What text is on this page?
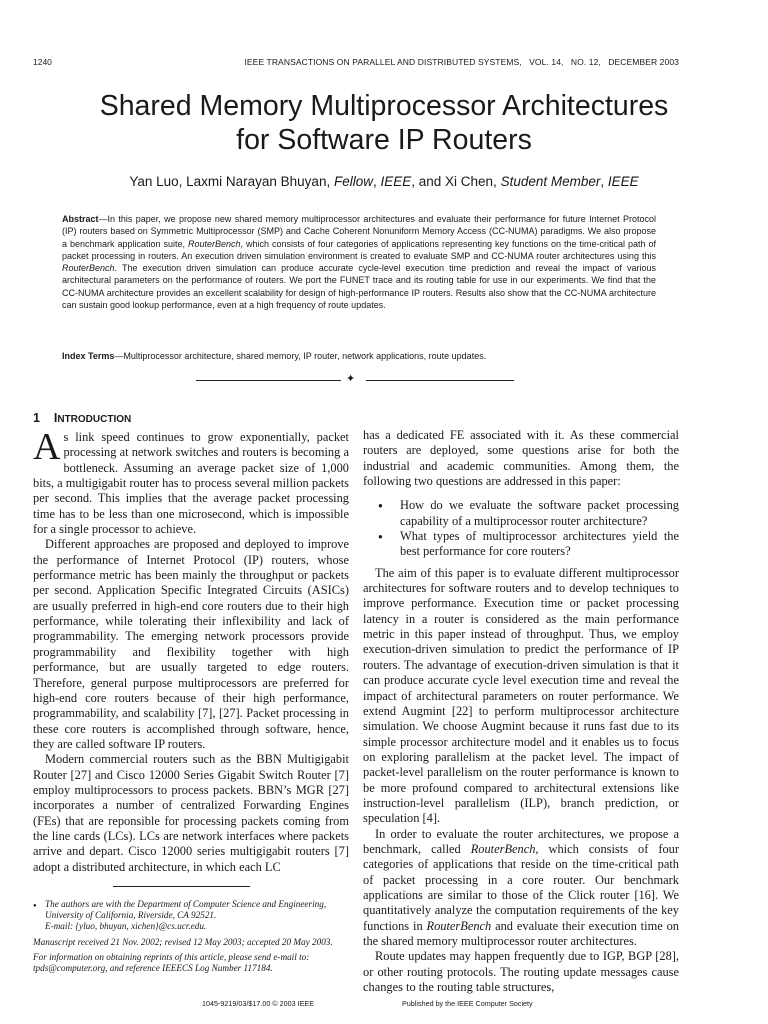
1240	IEEE TRANSACTIONS ON PARALLEL AND DISTRIBUTED SYSTEMS,   VOL. 14,   NO. 12,   DECEMBER 2003
Shared Memory Multiprocessor Architectures
for Software IP Routers
Yan Luo, Laxmi Narayan Bhuyan, Fellow, IEEE, and Xi Chen, Student Member, IEEE

Abstract—In this paper, we propose new shared memory multiprocessor architectures and evaluate their performance for future Internet Protocol (IP) routers based on Symmetric Multiprocessor (SMP) and Cache Coherent Nonuniform Memory Access (CC-NUMA) paradigms. We also propose a benchmark application suite, RouterBench, which consists of four categories of applications representing key functions on the time-critical path of packet processing in routers. An execution driven simulation environment is created to evaluate SMP and CC-NUMA router architectures using this RouterBench. The execution driven simulation can produce accurate cycle-level execution time prediction and reveal the impact of various architectural parameters on the performance of routers. We port the FUNET trace and its routing table for use in our experiments. We find that the CC-NUMA architecture provides an excellent scalability for design of high-performance IP routers. Results also show that the CC-NUMA architecture can sustain good lookup performance, even at a high frequency of route updates.

Index Terms—Multiprocessor architecture, shared memory, IP router, network applications, route updates.

✦
1 INTRODUCTION

As link speed continues to grow exponentially, packet processing at network switches and routers is becoming a bottleneck. Assuming an average packet size of 1,000 bits, a multigigabit router has to process several million packets per second. This implies that the average packet processing time has to be less than one microsecond, which is impossible for a single processor to achieve.

Different approaches are proposed and deployed to improve the performance of Internet Protocol (IP) routers, whose performance metric has been mainly the throughput or packets per second. Application Specific Integrated Circuits (ASICs) are usually preferred in high-end core routers due to their high performance, while tolerating their inflexibility and lack of programmability. The emerging network processors provide programmability and flexibility together with high performance, but are usually targeted to edge routers. Therefore, general purpose multiprocessors are preferred for high-end core routers because of their high performance, programmability, and scalability [7], [27]. Packet processing in these core routers is accomplished through software, hence, they are called software IP routers.

Modern commercial routers such as the BBN Multigigabit Router [27] and Cisco 12000 Series Gigabit Switch Router [7] employ multiprocessors to process packets. BBN’s MGR [27] incorporates a number of centralized Forwarding Engines (FEs) that are reponsible for processing packets coming from the line cards (LCs). LCs are network interfaces where packets arrive and depart. Cisco 12000 series multigigabit routers [7] adopt a distributed architecture, in which each LC

● The authors are with the Department of Computer Science and Engineering, University of California, Riverside, CA 92521.
E-mail: {yluo, bhuyan, xichen}@cs.ucr.edu.
Manuscript received 21 Nov. 2002; revised 12 May 2003; accepted 20 May 2003.
For information on obtaining reprints of this article, please send e-mail to: tpds@computer.org, and reference IEEECS Log Number 117184.

has a dedicated FE associated with it. As these commercial routers are deployed, some questions arise for both the industrial and academic communities. Among them, the following two questions are addressed in this paper:

● How do we evaluate the software packet processing capability of a multiprocessor router architecture?
● What types of multiprocessor architectures yield the best performance for core routers?

The aim of this paper is to evaluate different multiprocessor architectures for software routers and to develop techniques to improve performance. Execution time or packet processing latency in a router is considered as the main performance metric in this paper instead of throughput. Thus, we employ execution-driven simulation to predict the performance of IP routers. The advantage of execution-driven simulation is that it can produce accurate cycle level execution time and reveal the impact of architectural parameters on router performance. We extend Augmint [22] to perform multiprocessor architecture simulation. We choose Augmint because it runs fast due to its simple processor architecture model and it enables us to focus on exploring parallelism at the packet level. The impact of packet-level parallelism on the router performance is known to be more profound compared to architectural extensions like instruction-level parallelism (ILP), branch prediction, or speculation [4].

In order to evaluate the router architectures, we propose a benchmark, called RouterBench, which consists of four categories of applications that reside on the time-critical path of packet processing in a core router. Our benchmark applications are similar to those of the Click router [16]. We quantitatively analyze the computation requirements of the key functions in RouterBench and evaluate their execution time on the shared memory multiprocessor router architectures.

Route updates may happen frequently due to IGP, BGP [28], or other routing protocols. The routing update messages cause changes to the routing table structures,

1045-9219/03/$17.00 © 2003 IEEE	Published by the IEEE Computer Society
